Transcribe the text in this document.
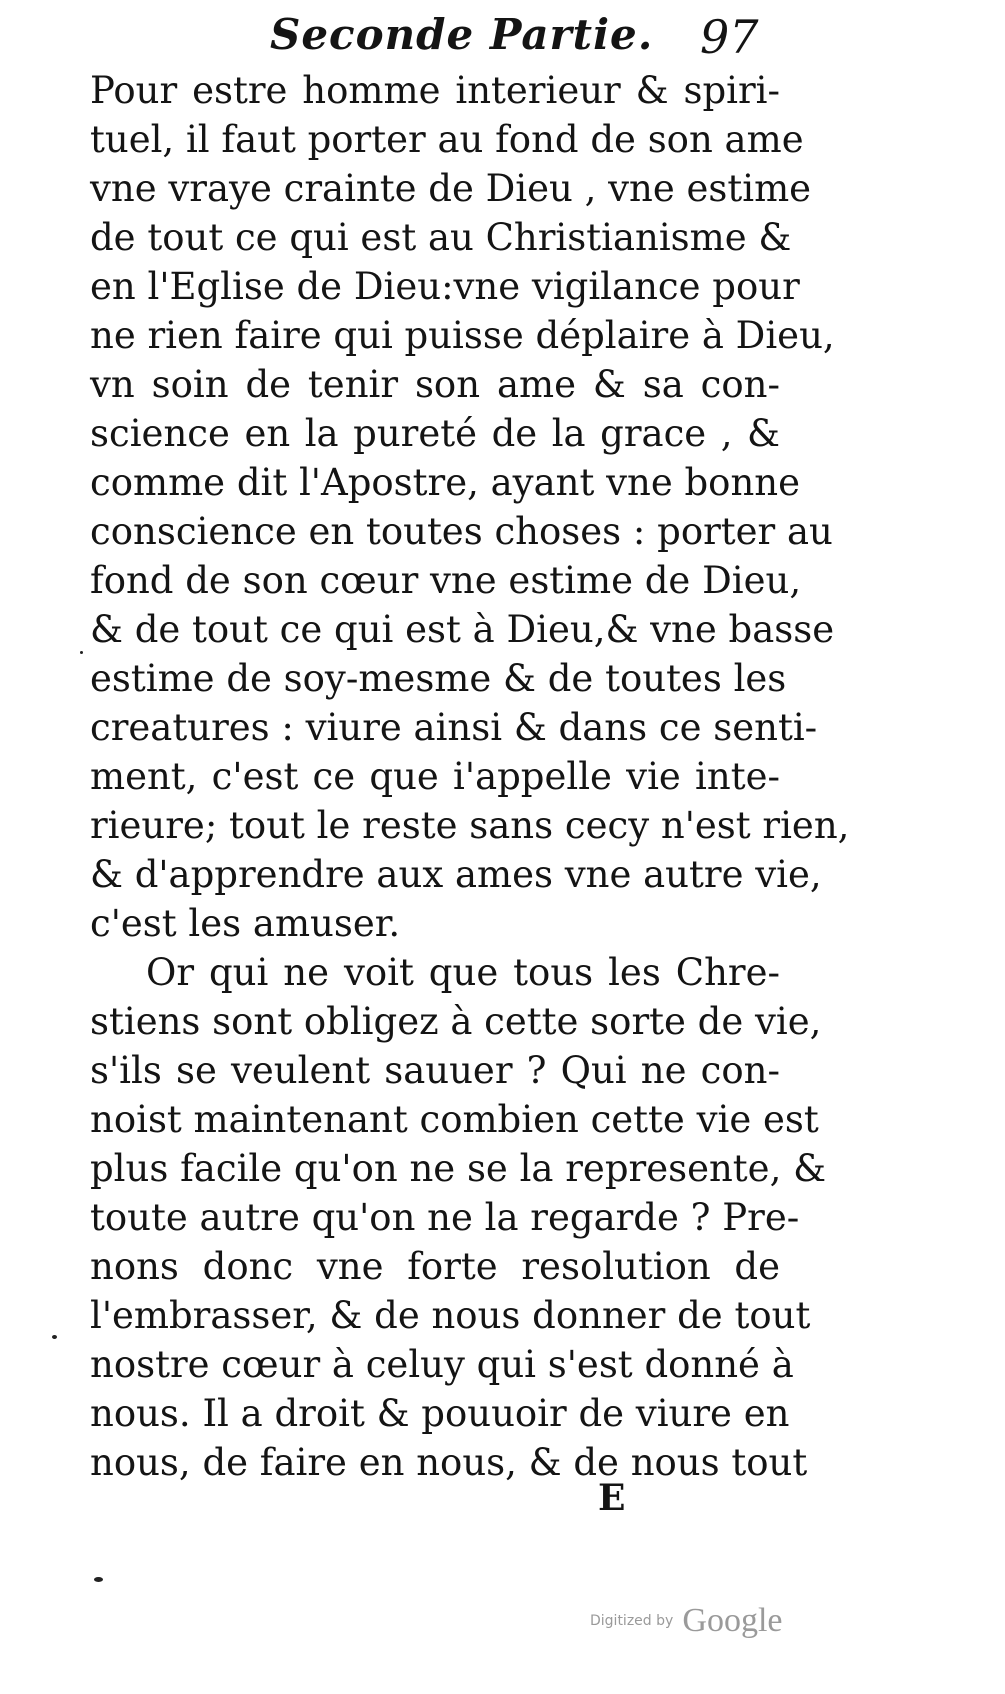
Seconde Partie. 97
Pour estre homme interieur & spiri-
tuel, il faut porter au fond de son ame
vne vraye crainte de Dieu , vne estime
de tout ce qui est au Christianisme &
en l'Eglise de Dieu:vne vigilance pour
ne rien faire qui puisse déplaire à Dieu,
vn soin de tenir son ame & sa con-
science en la pureté de la grace , &
comme dit l'Apostre, ayant vne bonne
conscience en toutes choses : porter au
fond de son cœur vne estime de Dieu,
& de tout ce qui est à Dieu,& vne basse
estime de soy-mesme & de toutes les
creatures : viure ainsi & dans ce senti-
ment, c'est ce que i'appelle vie inte-
rieure; tout le reste sans cecy n'est rien,
& d'apprendre aux ames vne autre vie,
c'est les amuser.
Or qui ne voit que tous les Chre-
stiens sont obligez à cette sorte de vie,
s'ils se veulent sauuer ? Qui ne con-
noist maintenant combien cette vie est
plus facile qu'on ne se la represente, &
toute autre qu'on ne la regarde ? Pre-
nons donc vne forte resolution de
l'embrasser, & de nous donner de tout
nostre cœur à celuy qui s'est donné à
nous. Il a droit & pouuoir de viure en
nous, de faire en nous, & de nous tout
E
Digitized by Google
